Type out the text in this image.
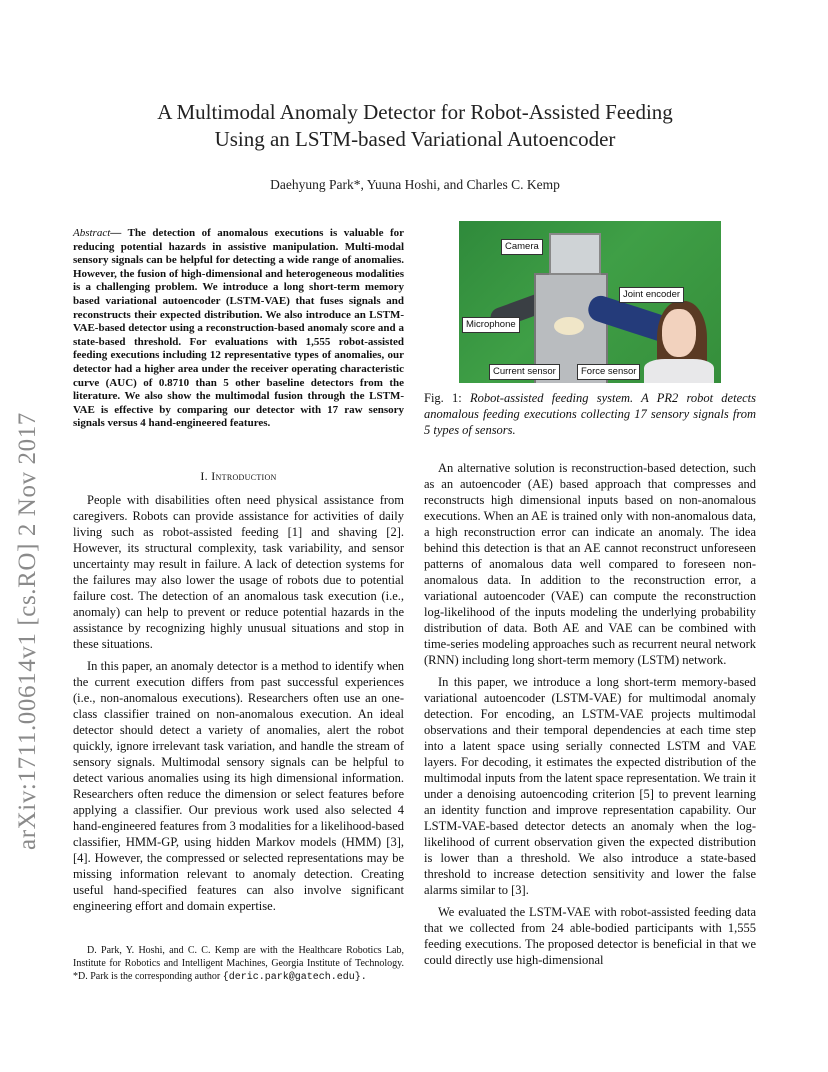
arXiv:1711.00614v1 [cs.RO] 2 Nov 2017
A Multimodal Anomaly Detector for Robot-Assisted Feeding
Using an LSTM-based Variational Autoencoder
Daehyung Park*, Yuuna Hoshi, and Charles C. Kemp
Abstract— The detection of anomalous executions is valuable for reducing potential hazards in assistive manipulation. Multi-modal sensory signals can be helpful for detecting a wide range of anomalies. However, the fusion of high-dimensional and heterogeneous modalities is a challenging problem. We introduce a long short-term memory based variational autoencoder (LSTM-VAE) that fuses signals and reconstructs their expected distribution. We also introduce an LSTM-VAE-based detector using a reconstruction-based anomaly score and a state-based threshold. For evaluations with 1,555 robot-assisted feeding executions including 12 representative types of anomalies, our detector had a higher area under the receiver operating characteristic curve (AUC) of 0.8710 than 5 other baseline detectors from the literature. We also show the multimodal fusion through the LSTM-VAE is effective by comparing our detector with 17 raw sensory signals versus 4 hand-engineered features.

I. Introduction

People with disabilities often need physical assistance from caregivers. Robots can provide assistance for activities of daily living such as robot-assisted feeding [1] and shaving [2]. However, its structural complexity, task variability, and sensor uncertainty may result in failure. A lack of detection systems for the failures may also lower the usage of robots due to potential failure cost. The detection of an anomalous task execution (i.e., anomaly) can help to prevent or reduce potential hazards in the assistance by recognizing highly unusual situations and stop in these situations.

In this paper, an anomaly detector is a method to identify when the current execution differs from past successful experiences (i.e., non-anomalous executions). Researchers often use an one-class classifier trained on non-anomalous execution. An ideal detector should detect a variety of anomalies, alert the robot quickly, ignore irrelevant task variation, and handle the stream of sensory signals. Multimodal sensory signals can be helpful to detect various anomalies using its high dimensional information. Researchers often reduce the dimension or select features before applying a classifier. Our previous work used also selected 4 hand-engineered features from 3 modalities for a likelihood-based classifier, HMM-GP, using hidden Markov models (HMM) [3], [4]. However, the compressed or selected representations may be missing information relevant to anomaly detection. Creating useful hand-specified features can also involve significant engineering effort and domain expertise.

D. Park, Y. Hoshi, and C. C. Kemp are with the Healthcare Robotics Lab, Institute for Robotics and Intelligent Machines, Georgia Institute of Technology. *D. Park is the corresponding author {deric.park@gatech.edu}.

Camera
Joint encoder
Microphone
Current sensor	Force sensor
Fig. 1: Robot-assisted feeding system. A PR2 robot detects anomalous feeding executions collecting 17 sensory signals from 5 types of sensors.

An alternative solution is reconstruction-based detection, such as an autoencoder (AE) based approach that compresses and reconstructs high dimensional inputs based on non-anomalous executions. When an AE is trained only with non-anomalous data, a high reconstruction error can indicate an anomaly. The idea behind this detection is that an AE cannot reconstruct unforeseen patterns of anomalous data well compared to foreseen non-anomalous data. In addition to the reconstruction error, a variational autoencoder (VAE) can compute the reconstruction log-likelihood of the inputs modeling the underlying probability distribution of data. Both AE and VAE can be combined with time-series modeling approaches such as recurrent neural network (RNN) including long short-term memory (LSTM) network.

In this paper, we introduce a long short-term memory-based variational autoencoder (LSTM-VAE) for multimodal anomaly detection. For encoding, an LSTM-VAE projects multimodal observations and their temporal dependencies at each time step into a latent space using serially connected LSTM and VAE layers. For decoding, it estimates the expected distribution of the multimodal inputs from the latent space representation. We train it under a denoising autoencoding criterion [5] to prevent learning an identity function and improve representation capability. Our LSTM-VAE-based detector detects an anomaly when the log-likelihood of current observation given the expected distribution is lower than a threshold. We also introduce a state-based threshold to increase detection sensitivity and lower the false alarms similar to [3].

We evaluated the LSTM-VAE with robot-assisted feeding data that we collected from 24 able-bodied participants with 1,555 feeding executions. The proposed detector is beneficial in that we could directly use high-dimensional
